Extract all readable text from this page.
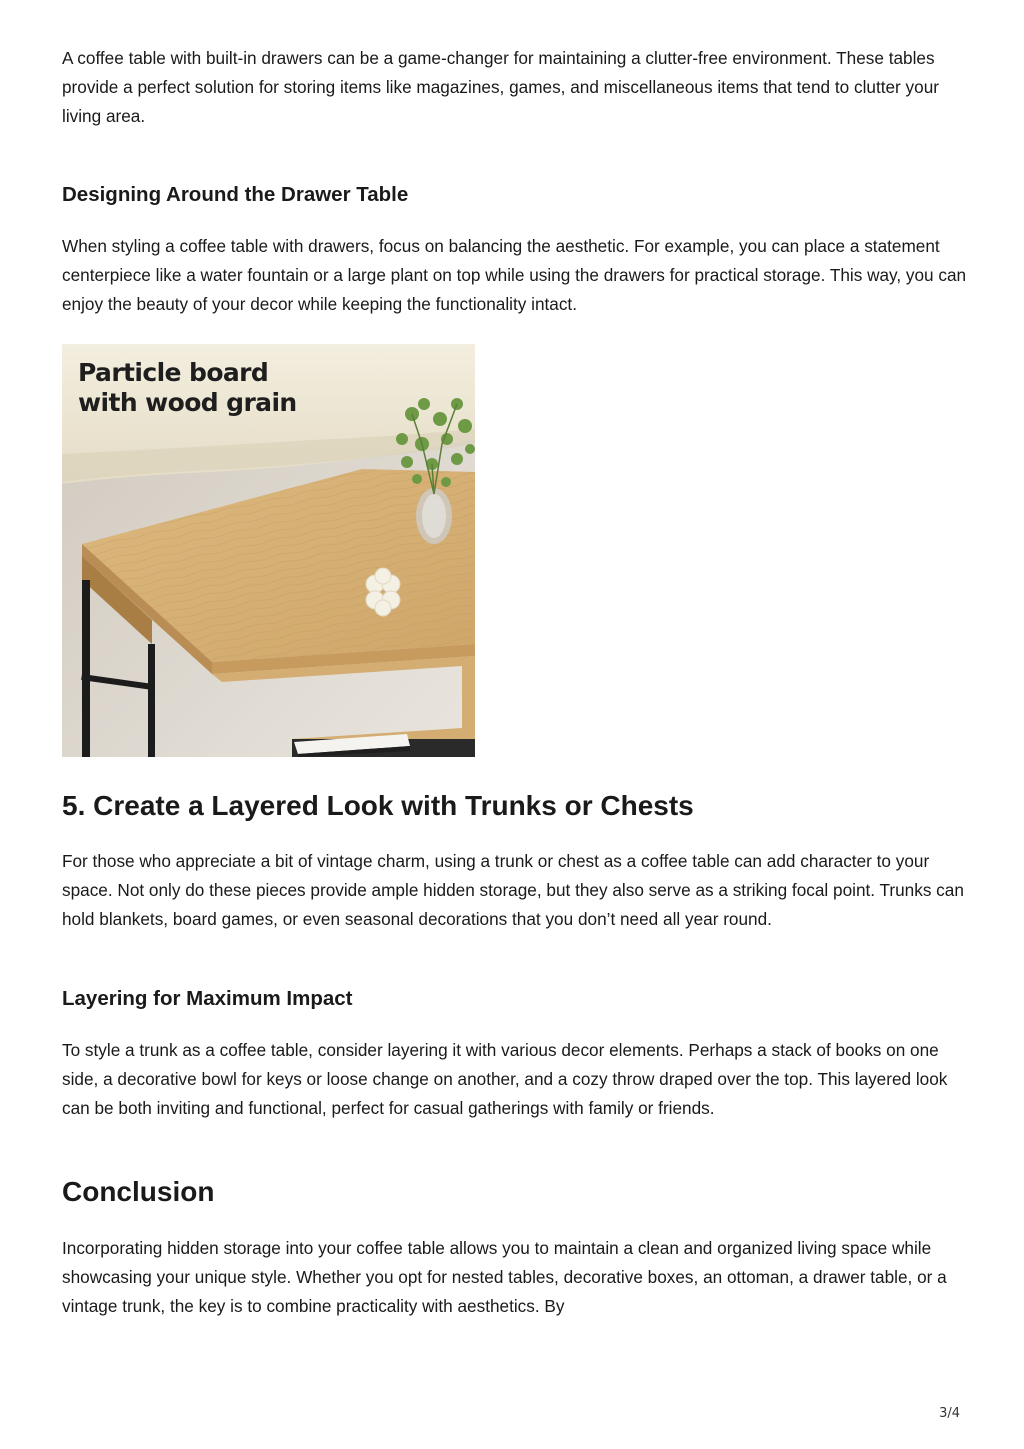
A coffee table with built-in drawers can be a game-changer for maintaining a clutter-free environment. These tables provide a perfect solution for storing items like magazines, games, and miscellaneous items that tend to clutter your living area.

Designing Around the Drawer Table

When styling a coffee table with drawers, focus on balancing the aesthetic. For example, you can place a statement centerpiece like a water fountain or a large plant on top while using the drawers for practical storage. This way, you can enjoy the beauty of your decor while keeping the functionality intact.

Particle board
with wood grain
5. Create a Layered Look with Trunks or Chests

For those who appreciate a bit of vintage charm, using a trunk or chest as a coffee table can add character to your space. Not only do these pieces provide ample hidden storage, but they also serve as a striking focal point. Trunks can hold blankets, board games, or even seasonal decorations that you don’t need all year round.

Layering for Maximum Impact

To style a trunk as a coffee table, consider layering it with various decor elements. Perhaps a stack of books on one side, a decorative bowl for keys or loose change on another, and a cozy throw draped over the top. This layered look can be both inviting and functional, perfect for casual gatherings with family or friends.

Conclusion

Incorporating hidden storage into your coffee table allows you to maintain a clean and organized living space while showcasing your unique style. Whether you opt for nested tables, decorative boxes, an ottoman, a drawer table, or a vintage trunk, the key is to combine practicality with aesthetics. By

3/4
